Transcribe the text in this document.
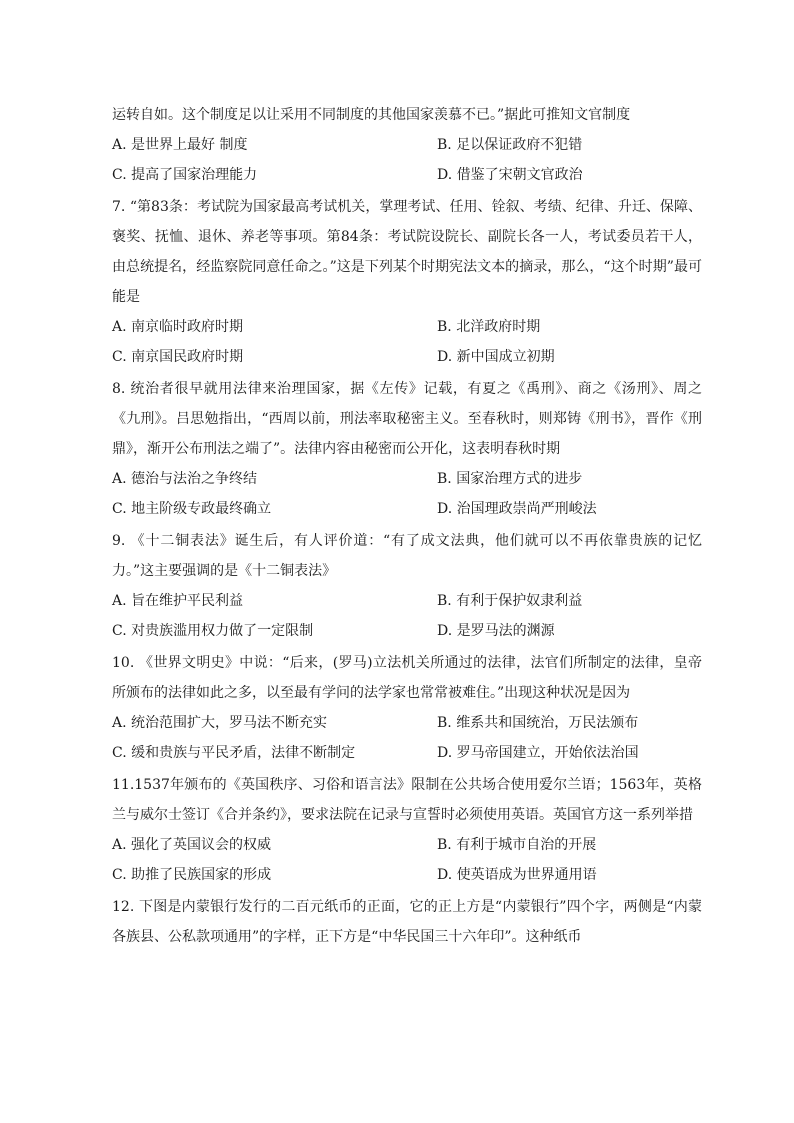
运转自如。这个制度足以让采用不同制度的其他国家羡慕不已。”据此可推知文官制度

A. 是世界上最好 制度	B. 足以保证政府不犯错
C. 提高了国家治理能力	D. 借鉴了宋朝文官政治

7. “第83条：考试院为国家最高考试机关，掌理考试、任用、铨叙、考绩、纪律、升迁、保障、褒奖、抚恤、退休、养老等事项。第84条：考试院设院长、副院长各一人，考试委员若干人，由总统提名，经监察院同意任命之。”这是下列某个时期宪法文本的摘录，那么，“这个时期”最可能是

A. 南京临时政府时期	B. 北洋政府时期
C. 南京国民政府时期	D. 新中国成立初期

8. 统治者很早就用法律来治理国家，据《左传》记载，有夏之《禹刑》、商之《汤刑》、周之《九刑》。吕思勉指出，“西周以前，刑法率取秘密主义。至春秋时，则郑铸《刑书》，晋作《刑鼎》，渐开公布刑法之端了”。法律内容由秘密而公开化，这表明春秋时期

A. 德治与法治之争终结	B. 国家治理方式的进步
C. 地主阶级专政最终确立	D. 治国理政崇尚严刑峻法

9. 《十二铜表法》诞生后，有人评价道：“有了成文法典，他们就可以不再依靠贵族的记忆力。”这主要强调的是《十二铜表法》

A. 旨在维护平民利益	B. 有利于保护奴隶利益
C. 对贵族滥用权力做了一定限制	D. 是罗马法的渊源

10. 《世界文明史》中说：“后来，(罗马)立法机关所通过的法律，法官们所制定的法律，皇帝所颁布的法律如此之多，以至最有学问的法学家也常常被难住。”出现这种状况是因为

A. 统治范围扩大，罗马法不断充实	B. 维系共和国统治，万民法颁布
C. 缓和贵族与平民矛盾，法律不断制定	D. 罗马帝国建立，开始依法治国

11.1537年颁布的《英国秩序、习俗和语言法》限制在公共场合使用爱尔兰语；1563年，英格兰与威尔士签订《合并条约》，要求法院在记录与宣誓时必须使用英语。英国官方这一系列举措

A. 强化了英国议会的权威	B. 有利于城市自治的开展
C. 助推了民族国家的形成	D. 使英语成为世界通用语

12. 下图是内蒙银行发行的二百元纸币的正面，它的正上方是“内蒙银行”四个字，两侧是“内蒙各族县、公私款项通用”的字样，正下方是“中华民国三十六年印”。这种纸币
